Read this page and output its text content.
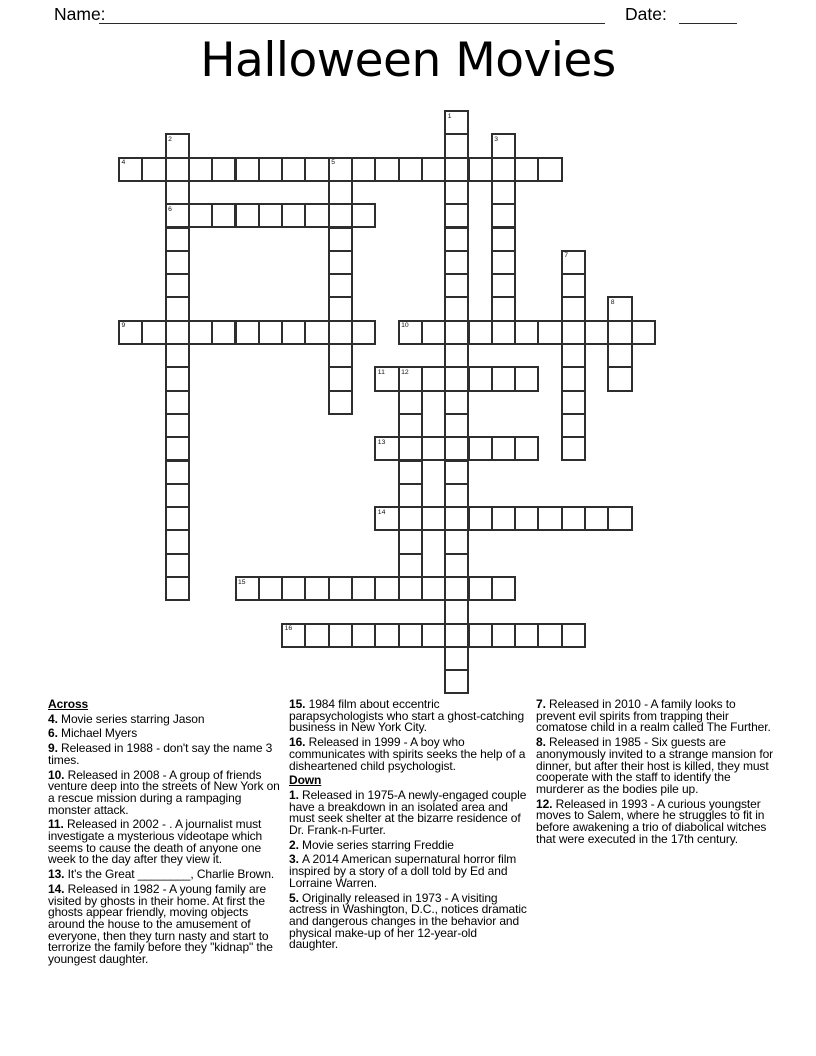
Name:	Date:
Halloween Movies
1
2
6
3
4	5
7
8
9	10
11 12
13
14
15
16
Across
4. Movie series starring Jason
6. Michael Myers
9. Released in 1988 - don't say the name 3 times.
10. Released in 2008 - A group of friends venture deep into the streets of New York on a rescue mission during a rampaging monster attack.
11. Released in 2002 - . A journalist must investigate a mysterious videotape which seems to cause the death of anyone one week to the day after they view it.
13. It's the Great ________, Charlie Brown.
14. Released in 1982 - A young family are visited by ghosts in their home. At first the ghosts appear friendly, moving objects around the house to the amusement of everyone, then they turn nasty and start to terrorize the family before they "kidnap" the youngest daughter.
15. 1984 film about eccentric parapsychologists who start a ghost-catching business in New York City.
16. Released in 1999 - A boy who communicates with spirits seeks the help of a disheartened child psychologist.
Down
1. Released in 1975-A newly-engaged couple have a breakdown in an isolated area and must seek shelter at the bizarre residence of Dr. Frank-n-Furter.
2. Movie series starring Freddie
3. A 2014 American supernatural horror film inspired by a story of a doll told by Ed and Lorraine Warren.
5. Originally released in 1973 - A visiting actress in Washington, D.C., notices dramatic and dangerous changes in the behavior and physical make-up of her 12-year-old daughter.
7. Released in 2010 - A family looks to prevent evil spirits from trapping their comatose child in a realm called The Further.
8. Released in 1985 - Six guests are anonymously invited to a strange mansion for dinner, but after their host is killed, they must cooperate with the staff to identify the murderer as the bodies pile up.
12. Released in 1993 - A curious youngster moves to Salem, where he struggles to fit in before awakening a trio of diabolical witches that were executed in the 17th century.
